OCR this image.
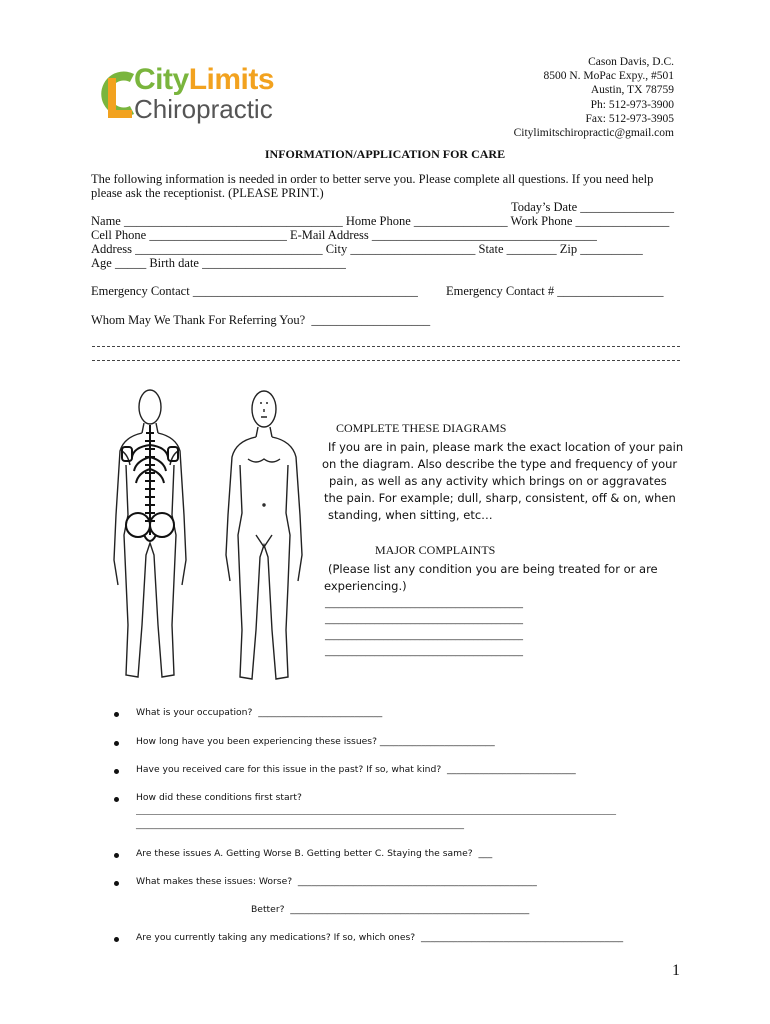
CityLimits
Chiropractic
Cason Davis, D.C.
8500 N. MoPac Expy., #501
Austin, TX 78759
Ph: 512-973-3900
Fax: 512-973-3905
Citylimitschiropractic@gmail.com
INFORMATION/APPLICATION FOR CARE
The following information is needed in order to better serve you. Please complete all questions. If you need help
please ask the receptionist. (PLEASE PRINT.)
Today’s Date _______________
Name ___________________________________ Home Phone _______________ Work Phone _______________
Cell Phone ______________________ E-Mail Address ____________________________________
Address ______________________________ City ____________________ State ________ Zip __________
Age _____ Birth date _______________________
Emergency Contact ____________________________________ Emergency Contact # _________________
Whom May We Thank For Referring You?  ___________________
COMPLETE THESE DIAGRAMS
If you are in pain, please mark the exact location of your pain
on the diagram. Also describe the type and frequency of your
pain, as well as any activity which brings on or aggravates
the pain. For example; dull, sharp, consistent, off & on, when
standing, when sitting, etc…
MAJOR COMPLAINTS
(Please list any condition you are being treated for or are
experiencing.)
____________________________________________
____________________________________________
____________________________________________
____________________________________________
What is your occupation?  ___________________________
How long have you been experiencing these issues? _________________________
Have you received care for this issue in the past? If so, what kind?  ____________________________
How did these conditions first start?
________________________________________________________________________________________________________________________
__________________________________________________________________________________
Are these issues A. Getting Worse B. Getting better C. Staying the same?  ___
What makes these issues: Worse?  ____________________________________________________
Better?  ____________________________________________________
Are you currently taking any medications? If so, which ones?  ____________________________________________
1
